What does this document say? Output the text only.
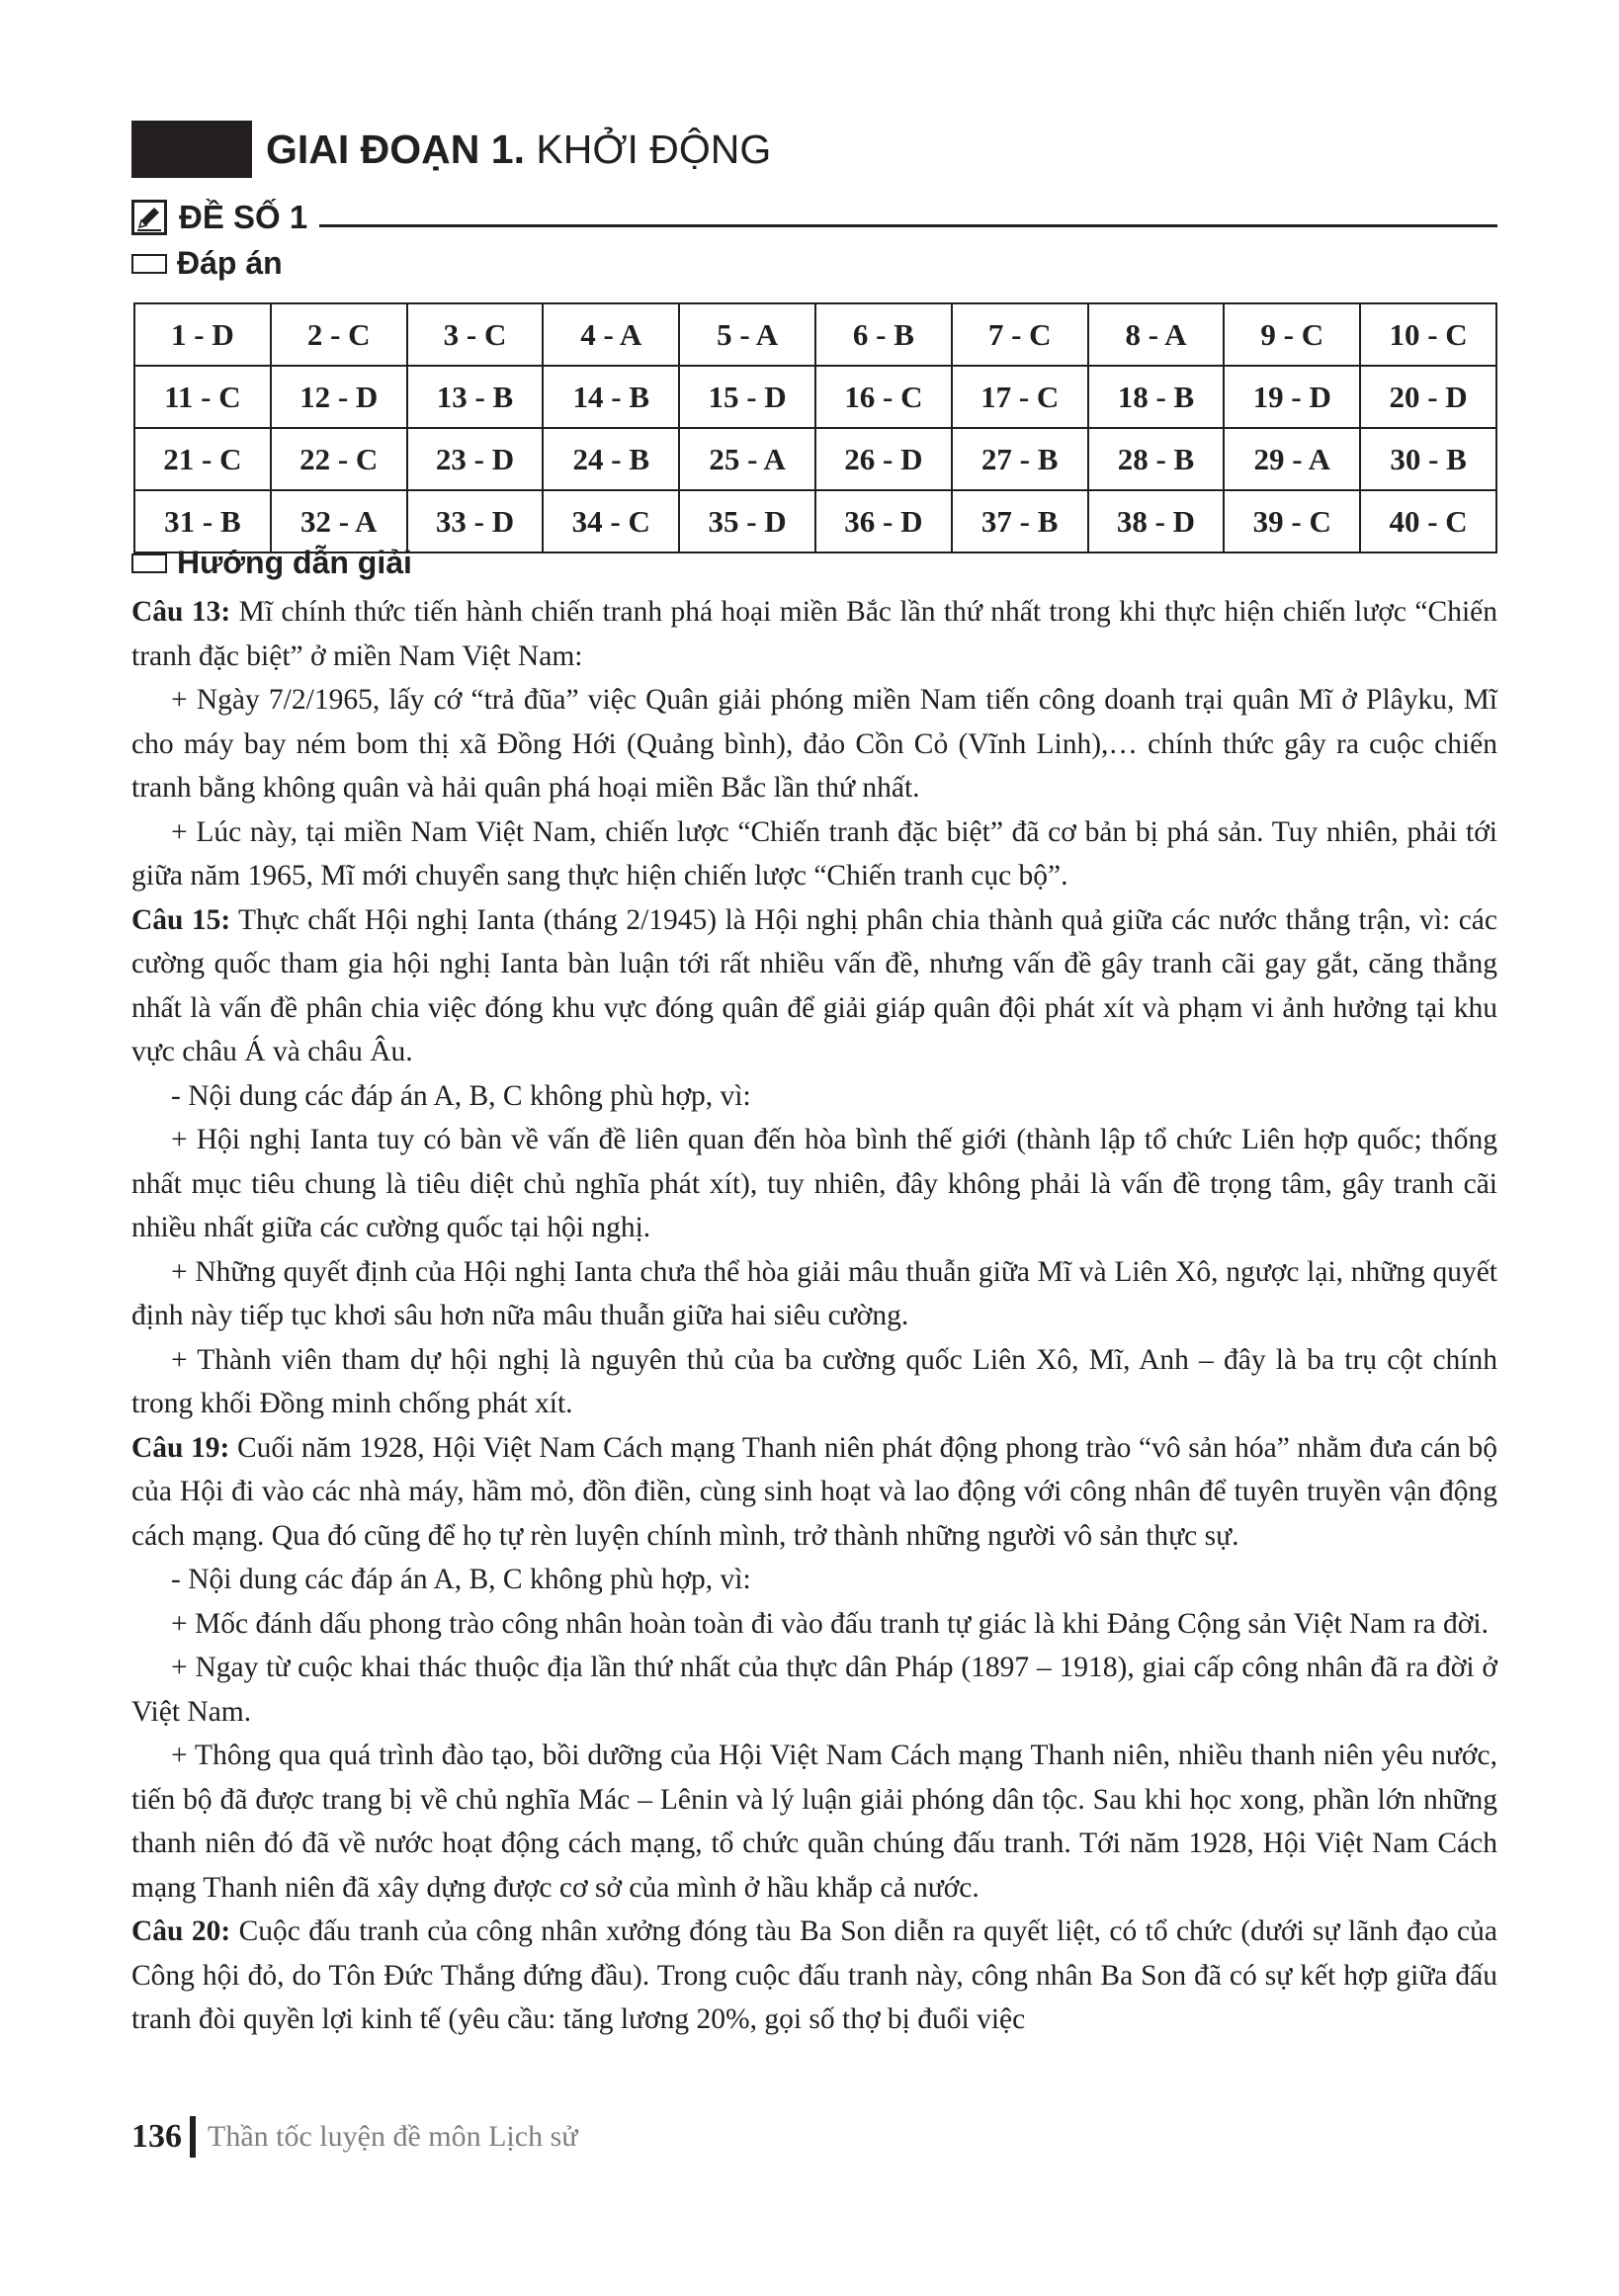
GIAI ĐOẠN 1. KHỞI ĐỘNG
ĐỀ SỐ 1
Đáp án
1 - D	2 - C	3 - C	4 - A	5 - A	6 - B	7 - C	8 - A	9 - C	10 - C
11 - C	12 - D	13 - B	14 - B	15 - D	16 - C	17 - C	18 - B	19 - D	20 - D
21 - C	22 - C	23 - D	24 - B	25 - A	26 - D	27 - B	28 - B	29 - A	30 - B
31 - B	32 - A	33 - D	34 - C	35 - D	36 - D	37 - B	38 - D	39 - C	40 - C
Hướng dẫn giải

Câu 13: Mĩ chính thức tiến hành chiến tranh phá hoại miền Bắc lần thứ nhất trong khi thực hiện chiến lược “Chiến tranh đặc biệt” ở miền Nam Việt Nam:

+ Ngày 7/2/1965, lấy cớ “trả đũa” việc Quân giải phóng miền Nam tiến công doanh trại quân Mĩ ở Plâyku, Mĩ cho máy bay ném bom thị xã Đồng Hới (Quảng bình), đảo Cồn Cỏ (Vĩnh Linh),… chính thức gây ra cuộc chiến tranh bằng không quân và hải quân phá hoại miền Bắc lần thứ nhất.

+ Lúc này, tại miền Nam Việt Nam, chiến lược “Chiến tranh đặc biệt” đã cơ bản bị phá sản. Tuy nhiên, phải tới giữa năm 1965, Mĩ mới chuyển sang thực hiện chiến lược “Chiến tranh cục bộ”.

Câu 15: Thực chất Hội nghị Ianta (tháng 2/1945) là Hội nghị phân chia thành quả giữa các nước thắng trận, vì: các cường quốc tham gia hội nghị Ianta bàn luận tới rất nhiều vấn đề, nhưng vấn đề gây tranh cãi gay gắt, căng thẳng nhất là vấn đề phân chia việc đóng khu vực đóng quân để giải giáp quân đội phát xít và phạm vi ảnh hưởng tại khu vực châu Á và châu Âu.

- Nội dung các đáp án A, B, C không phù hợp, vì:

+ Hội nghị Ianta tuy có bàn về vấn đề liên quan đến hòa bình thế giới (thành lập tổ chức Liên hợp quốc; thống nhất mục tiêu chung là tiêu diệt chủ nghĩa phát xít), tuy nhiên, đây không phải là vấn đề trọng tâm, gây tranh cãi nhiều nhất giữa các cường quốc tại hội nghị.

+ Những quyết định của Hội nghị Ianta chưa thể hòa giải mâu thuẫn giữa Mĩ và Liên Xô, ngược lại, những quyết định này tiếp tục khơi sâu hơn nữa mâu thuẫn giữa hai siêu cường.

+ Thành viên tham dự hội nghị là nguyên thủ của ba cường quốc Liên Xô, Mĩ, Anh – đây là ba trụ cột chính trong khối Đồng minh chống phát xít.

Câu 19: Cuối năm 1928, Hội Việt Nam Cách mạng Thanh niên phát động phong trào “vô sản hóa” nhằm đưa cán bộ của Hội đi vào các nhà máy, hầm mỏ, đồn điền, cùng sinh hoạt và lao động với công nhân để tuyên truyền vận động cách mạng. Qua đó cũng để họ tự rèn luyện chính mình, trở thành những người vô sản thực sự.

- Nội dung các đáp án A, B, C không phù hợp, vì:

+ Mốc đánh dấu phong trào công nhân hoàn toàn đi vào đấu tranh tự giác là khi Đảng Cộng sản Việt Nam ra đời.

+ Ngay từ cuộc khai thác thuộc địa lần thứ nhất của thực dân Pháp (1897 – 1918), giai cấp công nhân đã ra đời ở Việt Nam.

+ Thông qua quá trình đào tạo, bồi dưỡng của Hội Việt Nam Cách mạng Thanh niên, nhiều thanh niên yêu nước, tiến bộ đã được trang bị về chủ nghĩa Mác – Lênin và lý luận giải phóng dân tộc. Sau khi học xong, phần lớn những thanh niên đó đã về nước hoạt động cách mạng, tổ chức quần chúng đấu tranh. Tới năm 1928, Hội Việt Nam Cách mạng Thanh niên đã xây dựng được cơ sở của mình ở hầu khắp cả nước.

Câu 20: Cuộc đấu tranh của công nhân xưởng đóng tàu Ba Son diễn ra quyết liệt, có tổ chức (dưới sự lãnh đạo của Công hội đỏ, do Tôn Đức Thắng đứng đầu). Trong cuộc đấu tranh này, công nhân Ba Son đã có sự kết hợp giữa đấu tranh đòi quyền lợi kinh tế (yêu cầu: tăng lương 20%, gọi số thợ bị đuổi việc

136 Thần tốc luyện đề môn Lịch sử
